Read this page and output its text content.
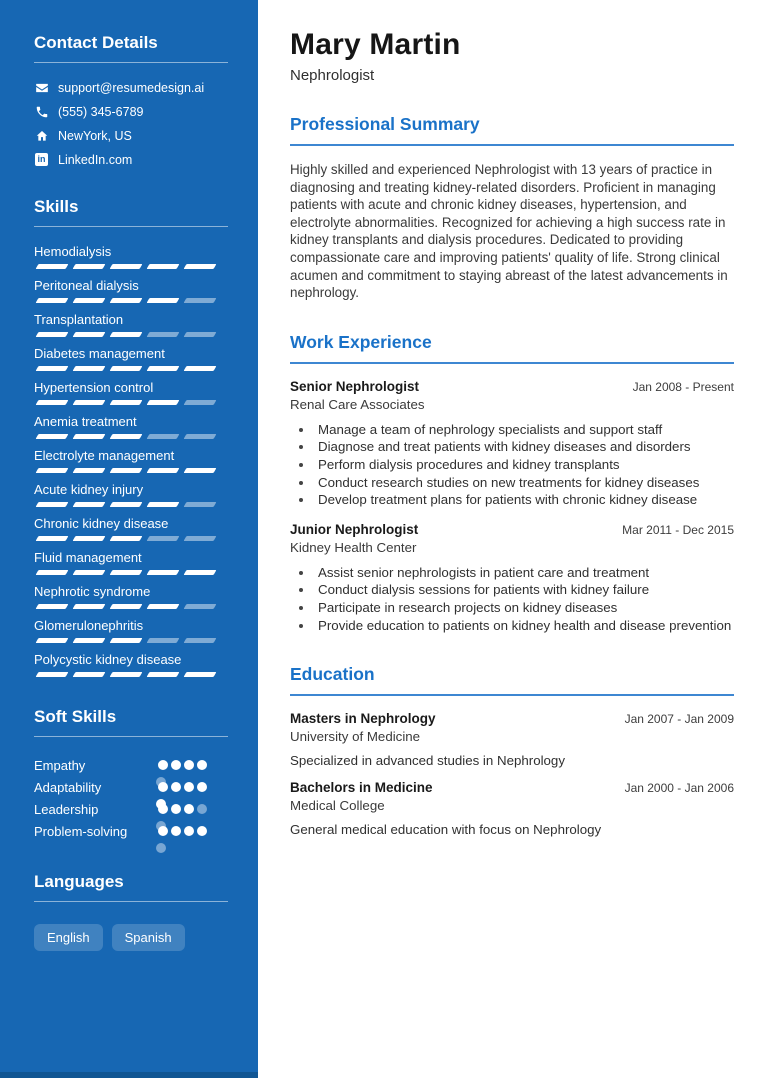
Contact Details
support@resumedesign.ai
(555) 345-6789
NewYork, US
in LinkedIn.com
Skills
Hemodialysis
Peritoneal dialysis
Transplantation
Diabetes management
Hypertension control
Anemia treatment
Electrolyte management
Acute kidney injury
Chronic kidney disease
Fluid management
Nephrotic syndrome
Glomerulonephritis
Polycystic kidney disease
Soft Skills
Empathy
Adaptability
Leadership
Problem-solving
Languages
English	Spanish
Mary Martin
Nephrologist
Professional Summary

Highly skilled and experienced Nephrologist with 13 years of practice in diagnosing and treating kidney-related disorders. Proficient in managing patients with acute and chronic kidney diseases, hypertension, and electrolyte abnormalities. Recognized for achieving a high success rate in kidney transplants and dialysis procedures. Dedicated to providing compassionate care and improving patients' quality of life. Strong clinical acumen and commitment to staying abreast of the latest advancements in nephrology.

Work Experience
Senior Nephrologist	Jan 2008 - Present
Renal Care Associates
• Manage a team of nephrology specialists and support staff
• Diagnose and treat patients with kidney diseases and disorders
• Perform dialysis procedures and kidney transplants
• Conduct research studies on new treatments for kidney diseases
• Develop treatment plans for patients with chronic kidney disease
Junior Nephrologist	Mar 2011 - Dec 2015
Kidney Health Center
• Assist senior nephrologists in patient care and treatment
• Conduct dialysis sessions for patients with kidney failure
• Participate in research projects on kidney diseases
• Provide education to patients on kidney health and disease prevention
Education
Masters in Nephrology	Jan 2007 - Jan 2009
University of Medicine
Specialized in advanced studies in Nephrology
Bachelors in Medicine	Jan 2000 - Jan 2006
Medical College
General medical education with focus on Nephrology
